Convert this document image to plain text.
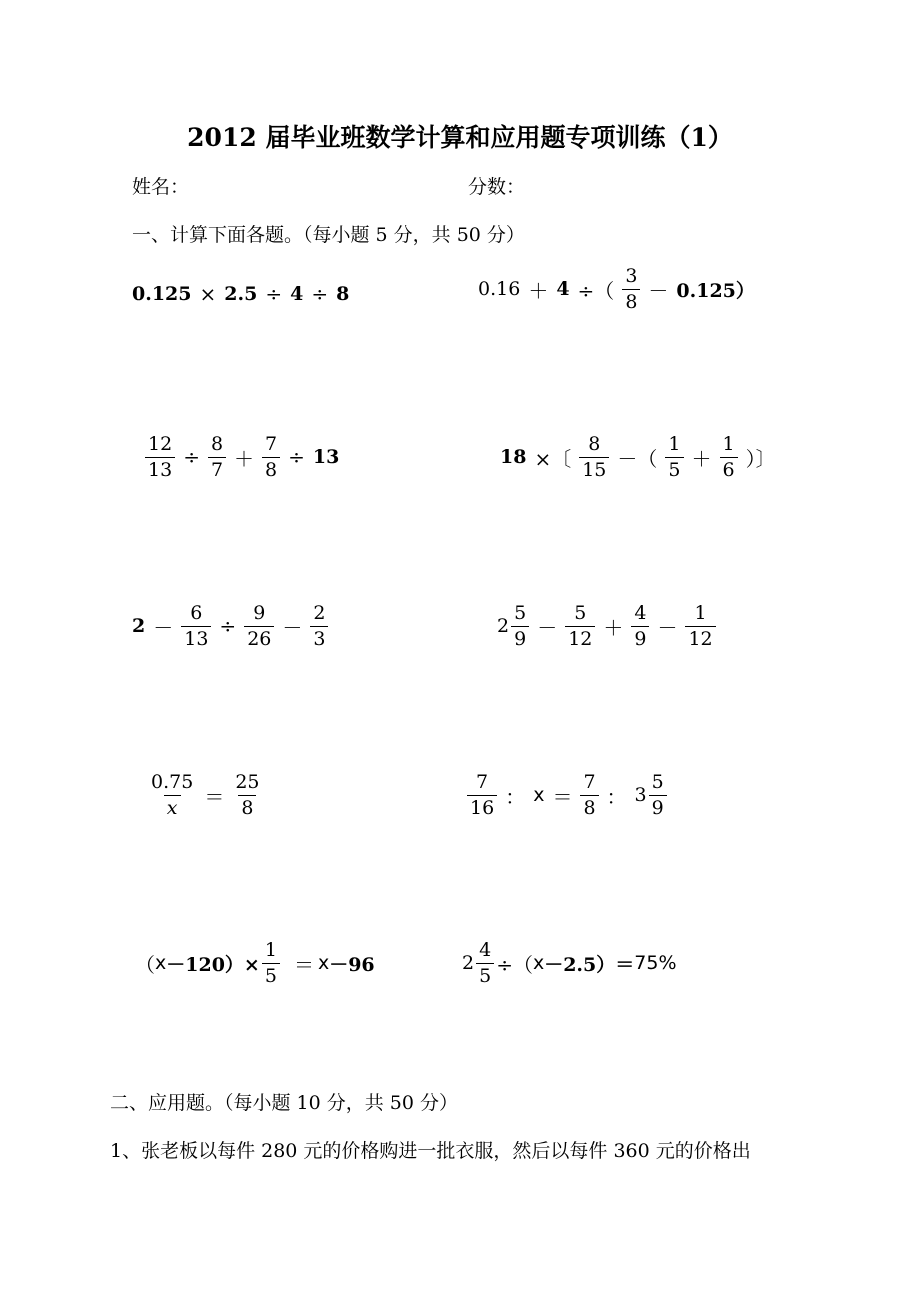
2012 届毕业班数学计算和应用题专项训练（1）
姓名：	分数：
一、计算下面各题。（每小题 5 分，共 50 分）
0.125 × 2.5 ÷ 4 ÷ 8	0.16 ＋ 4 ÷（ $\frac{3}{8} - 0.125$）
$\frac{12}{13} \div \frac{8}{7} + \frac{7}{8} \div 13$	18 ×〔 $\frac{8}{15}$ －（ $\frac{1}{5} + \frac{1}{6}$ ）〕
$2 - \frac{6}{13} \div \frac{9}{26} - \frac{2}{3}$	$2 \frac{5}{9} - \frac{5}{12} + \frac{4}{9} - \frac{1}{12}$
$\frac{0.75}{x} = \frac{25}{8}$	$\frac{7}{16}$ ： $x = \frac{7}{8}$ ： $3 \frac{5}{9}$
（ $x -120)\times \frac{1}{5} = x -96$	$2 \frac{4}{5}$ ÷（ x －2.5）＝ 75%
二、应用题。（每小题 10 分，共 50 分）
1、张老板以每件 280 元的价格购进一批衣服，然后以每件 360 元的价格出
